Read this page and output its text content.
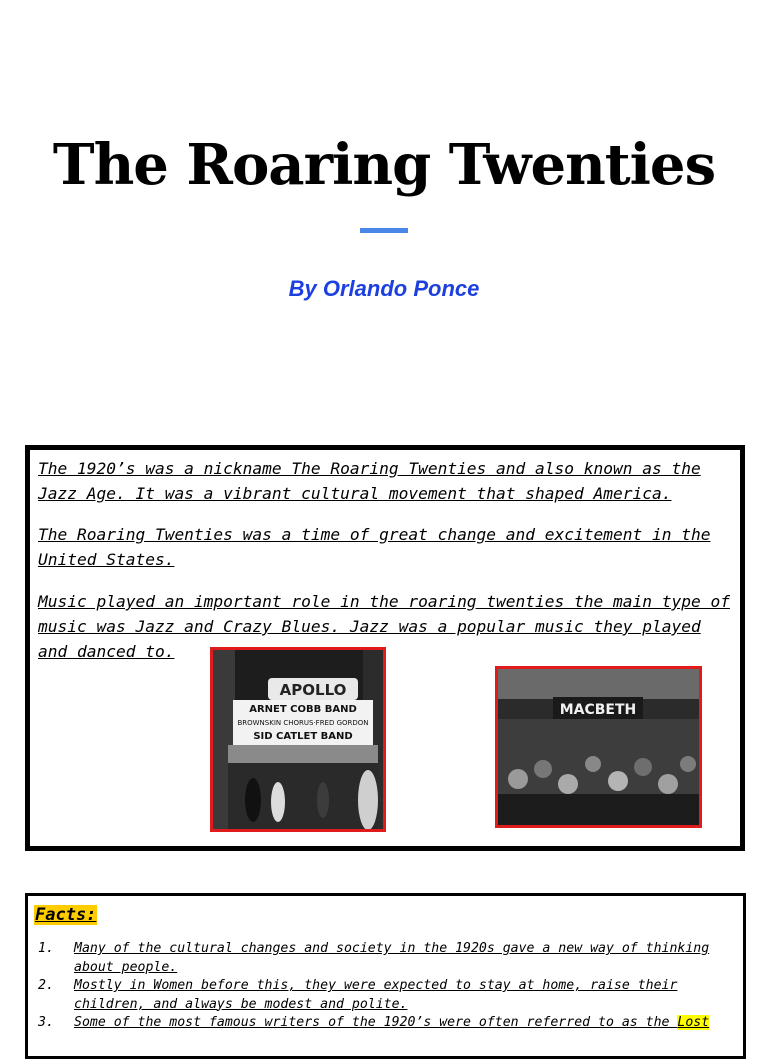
The Roaring Twenties
By Orlando Ponce

The 1920’s was a nickname The Roaring Twenties and also known as the Jazz Age. It was a vibrant cultural movement that shaped America.

The Roaring Twenties was a time of great change and excitement in the United States.

Music played an important role in the roaring twenties the main type of music was Jazz and Crazy Blues. Jazz was a popular music they played and danced to.

APOLLO
ARNET COBB BAND
BROWNSKIN CHORUS·FRED GORDON
SID CATLET BAND
MACBETH
Facts:
1. Many of the cultural changes and society in the 1920s gave a new way of thinking about people.
2. Mostly in Women before this, they were expected to stay at home, raise their children, and always be modest and polite.
3. Some of the most famous writers of the 1920’s were often referred to as the Lost
